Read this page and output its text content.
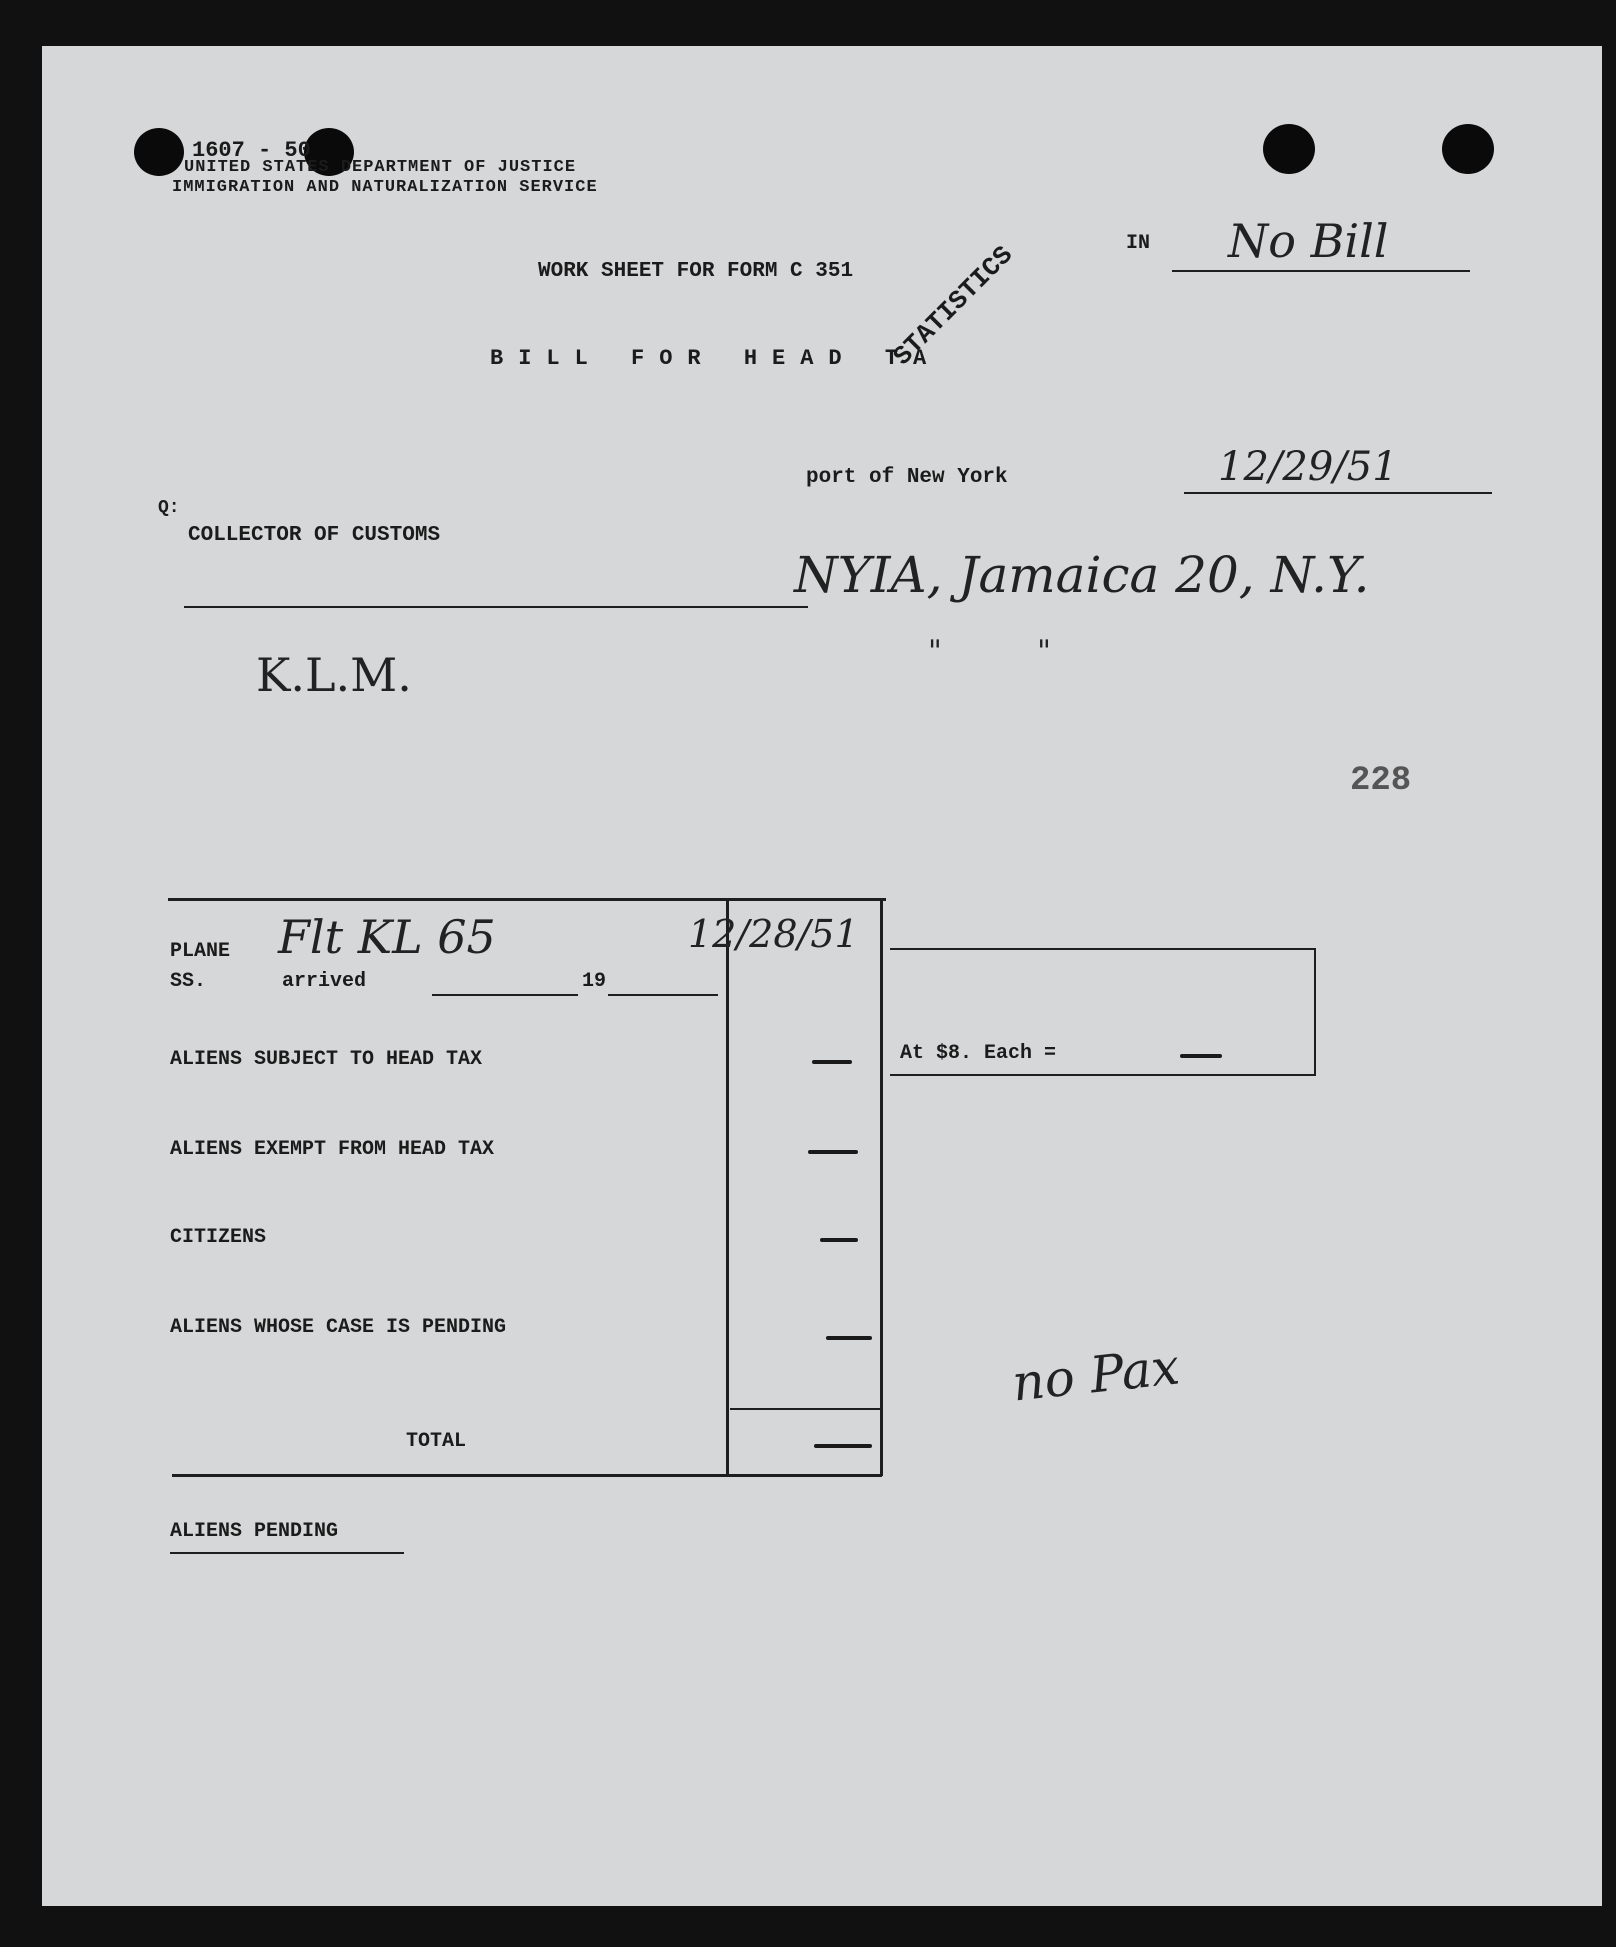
1607 - 50
UNITED STATES DEPARTMENT OF JUSTICE
IMMIGRATION AND NATURALIZATION SERVICE
IN No Bill
WORK SHEET FOR FORM C 351
BILL FOR HEAD TA
STATISTICS
port of New York	12/29/51
Q:
COLLECTOR OF CUSTOMS
NYIA, Jamaica 20, N.Y.
K.L.M.	"          "
228
PLANE Flt KL 65	12/28/51
SS.	arrived	19
ALIENS SUBJECT TO HEAD TAX
ALIENS EXEMPT FROM HEAD TAX
CITIZENS
ALIENS WHOSE CASE IS PENDING
TOTAL
At $8. Each =
no Pax
ALIENS PENDING
